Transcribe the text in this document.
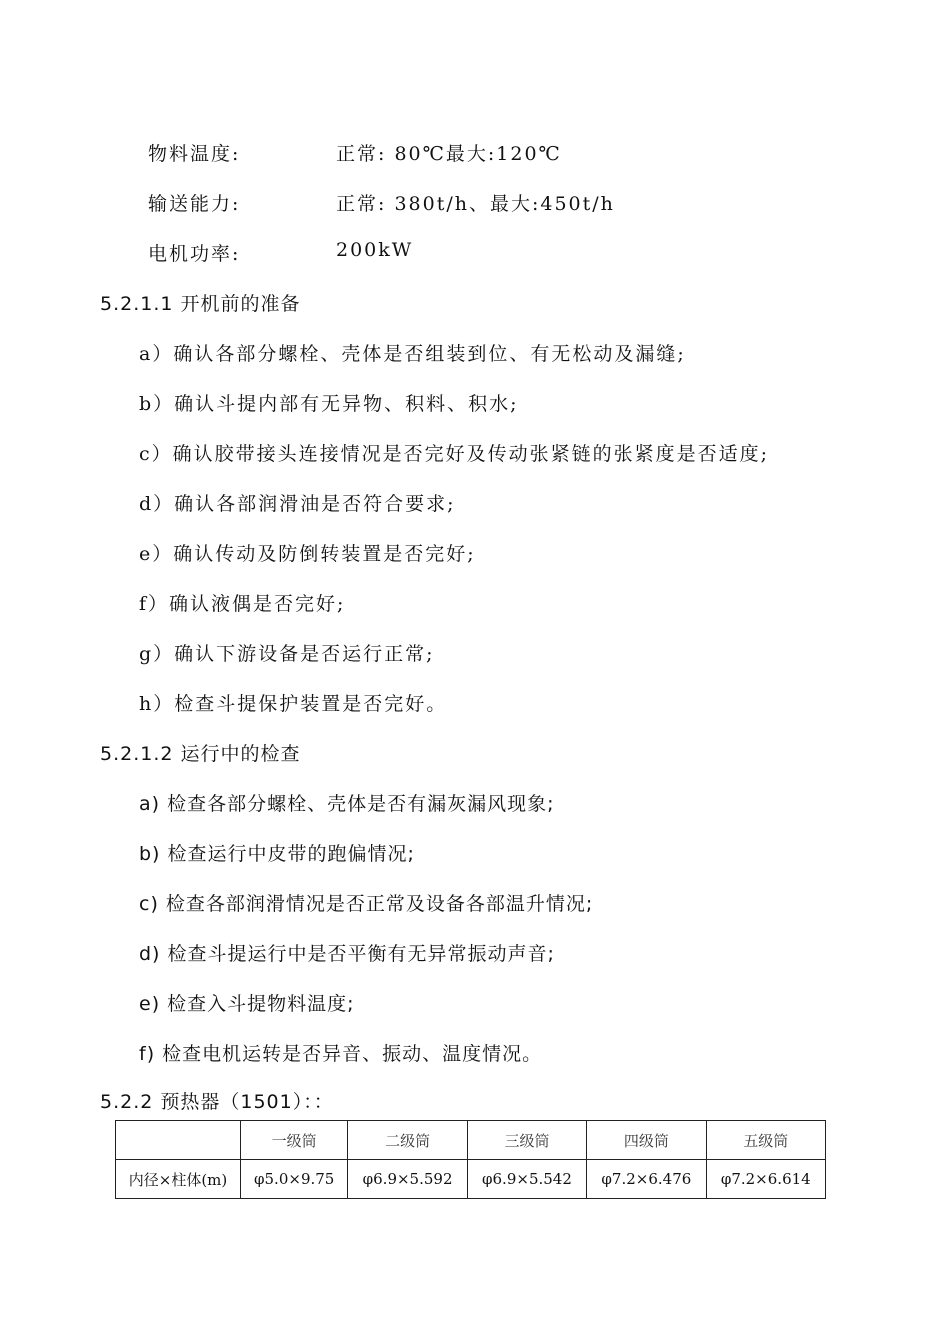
物料温度:	正常: 80℃最大:120℃
输送能力:	正常: 380t/h、最大:450t/h
电机功率:	200kW
5.2.1.1 开机前的准备
a）确认各部分螺栓、壳体是否组装到位、有无松动及漏缝;
b）确认斗提内部有无异物、积料、积水;
c）确认胶带接头连接情况是否完好及传动张紧链的张紧度是否适度;
d）确认各部润滑油是否符合要求;
e）确认传动及防倒转装置是否完好;
f）确认液偶是否完好;
g）确认下游设备是否运行正常;
h）检查斗提保护装置是否完好。
5.2.1.2 运行中的检查
a) 检查各部分螺栓、壳体是否有漏灰漏风现象;
b) 检查运行中皮带的跑偏情况;
c) 检查各部润滑情况是否正常及设备各部温升情况;
d) 检查斗提运行中是否平衡有无异常振动声音;
e) 检查入斗提物料温度;
f) 检查电机运转是否异音、振动、温度情况。
5.2.2 预热器（1501）：：
	一级筒	二级筒	三级筒	四级筒	五级筒
内径×柱体(m)	φ5.0×9.75	φ6.9×5.592	φ6.9×5.542	φ7.2×6.476	φ7.2×6.614
